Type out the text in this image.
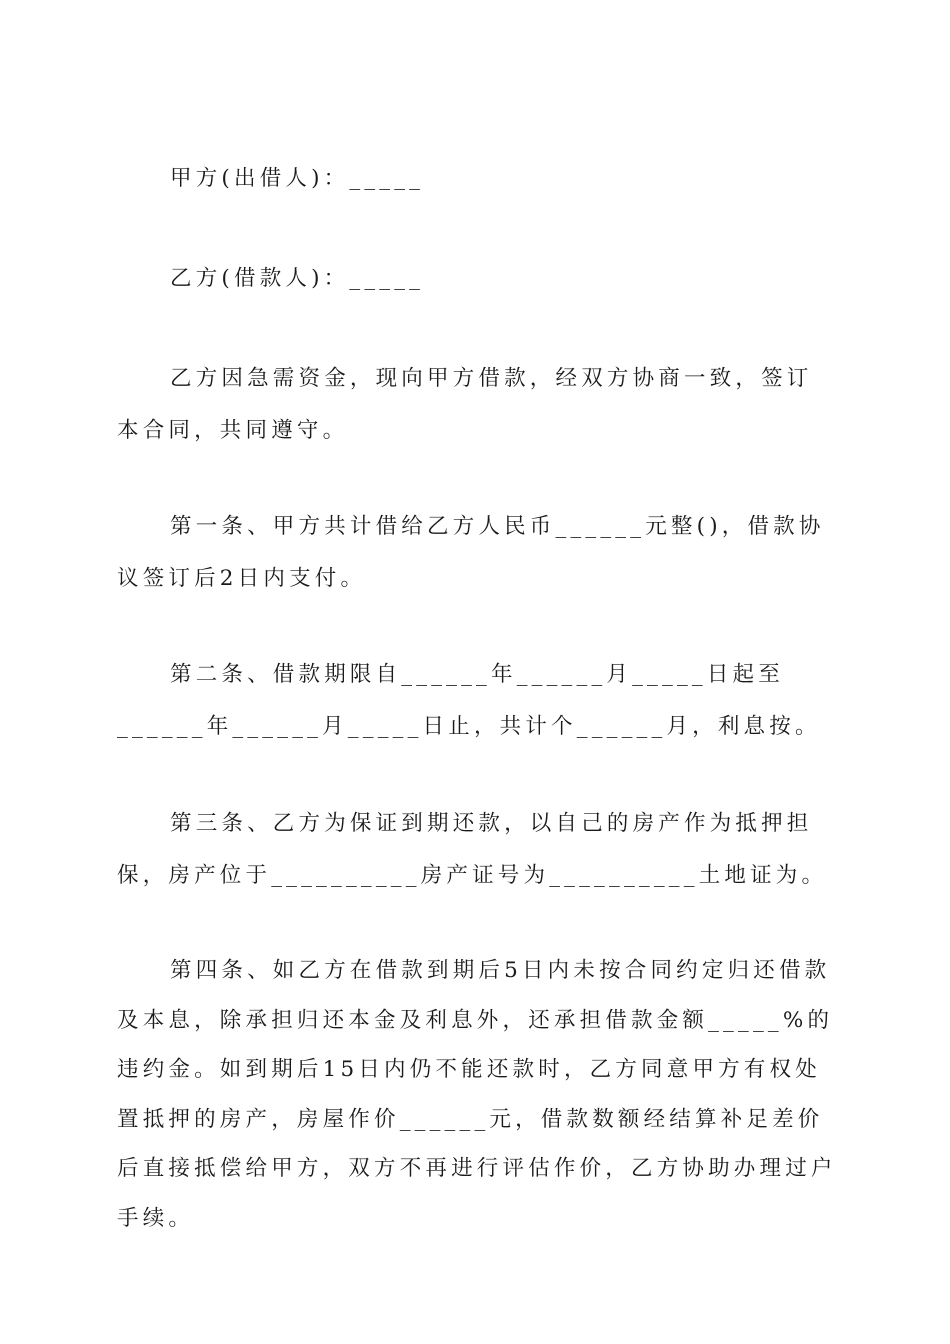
甲方(出借人)：_____

乙方(借款人)：_____

乙方因急需资金，现向甲方借款，经双方协商一致，签订本合同，共同遵守。

第一条、甲方共计借给乙方人民币______元整()，借款协议签订后2日内支付。

第二条、借款期限自______年______月_____日起至______年______月_____日止，共计个______月，利息按。

第三条、乙方为保证到期还款，以自己的房产作为抵押担保，房产位于__________房产证号为__________土地证为。

第四条、如乙方在借款到期后5日内未按合同约定归还借款及本息，除承担归还本金及利息外，还承担借款金额_____%的违约金。如到期后15日内仍不能还款时，乙方同意甲方有权处置抵押的房产，房屋作价______元，借款数额经结算补足差价后直接抵偿给甲方，双方不再进行评估作价，乙方协助办理过户手续。
